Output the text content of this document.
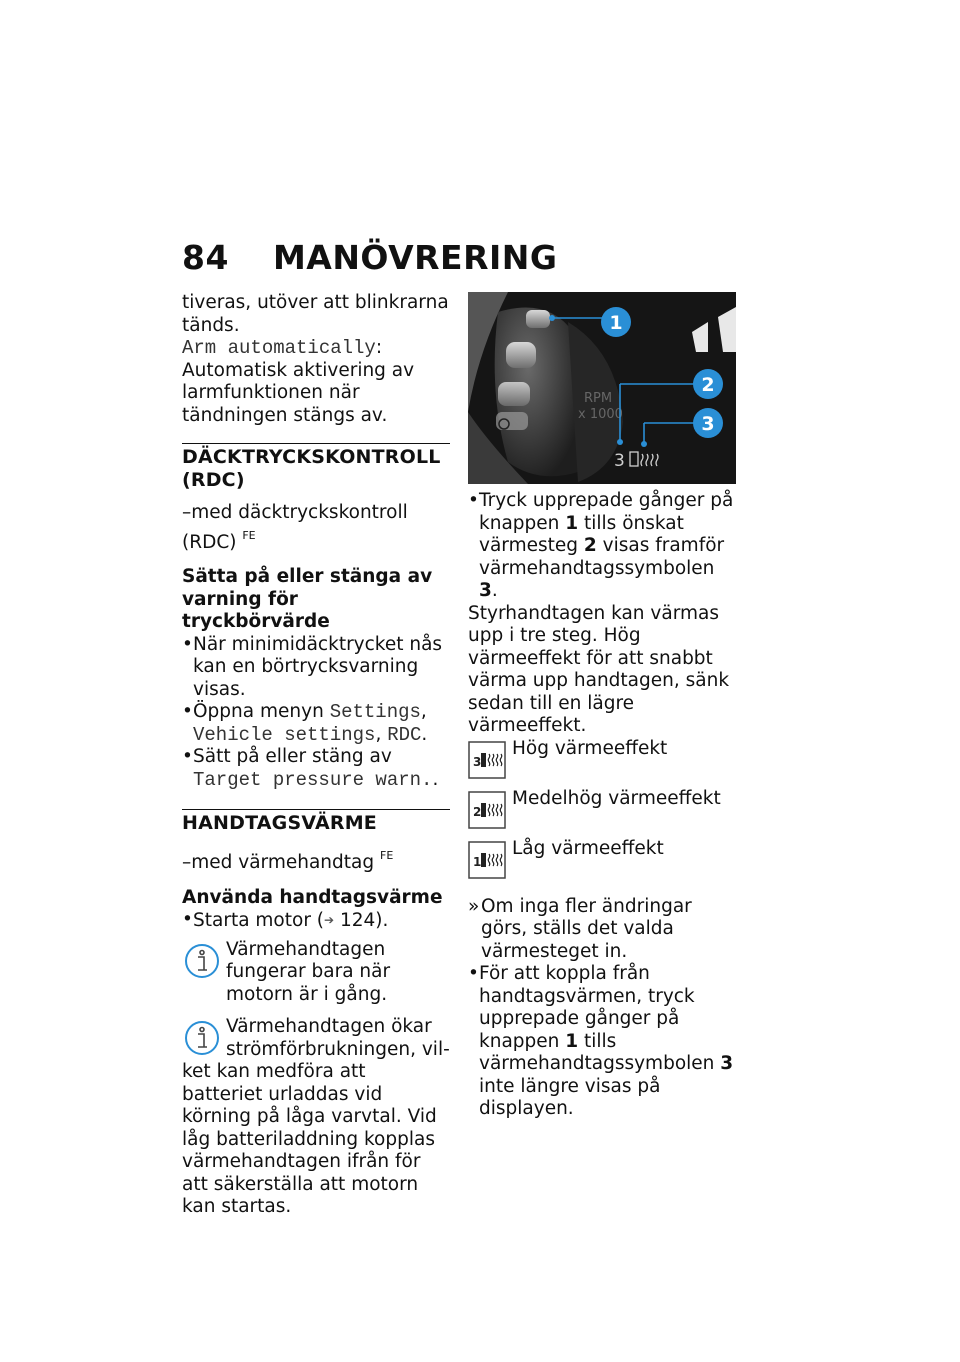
84 MANÖVRERING

tiveras, utöver att blinkrarna tänds.

Arm automatically: Automatisk aktivering av larmfunktionen när tändningen stängs av.

DÄCKTRYCKSKONTROLL (RDC)
–med däcktryckskontroll (RDC) $^{FE}$
Sätta på eller stänga av varning för tryckbörvärde
• När minimidäcktrycket nås kan en börtrycksvarning visas.
• Öppna menyn Settings, Vehicle settings, RDC.
• Sätt på eller stäng av Target pressure warn..
HANDTAGSVÄRME
–med värmehandtag $^{FE}$
Använda handtagsvärme
• Starta motor (➔ 124).
Värmehandtagen fungerar bara när motorn är i gång.
Värmehandtagen ökar strömförbrukningen, vil-
ket kan medföra att batteriet urladdas vid körning på låga varvtal. Vid låg batteriladdning kopplas värmehandtagen ifrån för att säkerställa att motorn kan startas.
RPM
x 1000
3
1
2
3
• Tryck upprepade gånger på knappen 1 tills önskat värmesteg 2 visas framför värmehandtagssymbolen 3.

Styrhandtagen kan värmas upp i tre steg. Hög värmeeffekt för att snabbt värma upp handtagen, sänk sedan till en lägre värmeeffekt.

3
Hög värmeeffekt
2
Medelhög värmeeffekt
1
Låg värmeeffekt
» Om inga fler ändringar görs, ställs det valda värmesteget in.
• För att koppla från handtagsvärmen, tryck upprepade gånger på knappen 1 tills värmehandtagssymbolen 3 inte längre visas på displayen.
